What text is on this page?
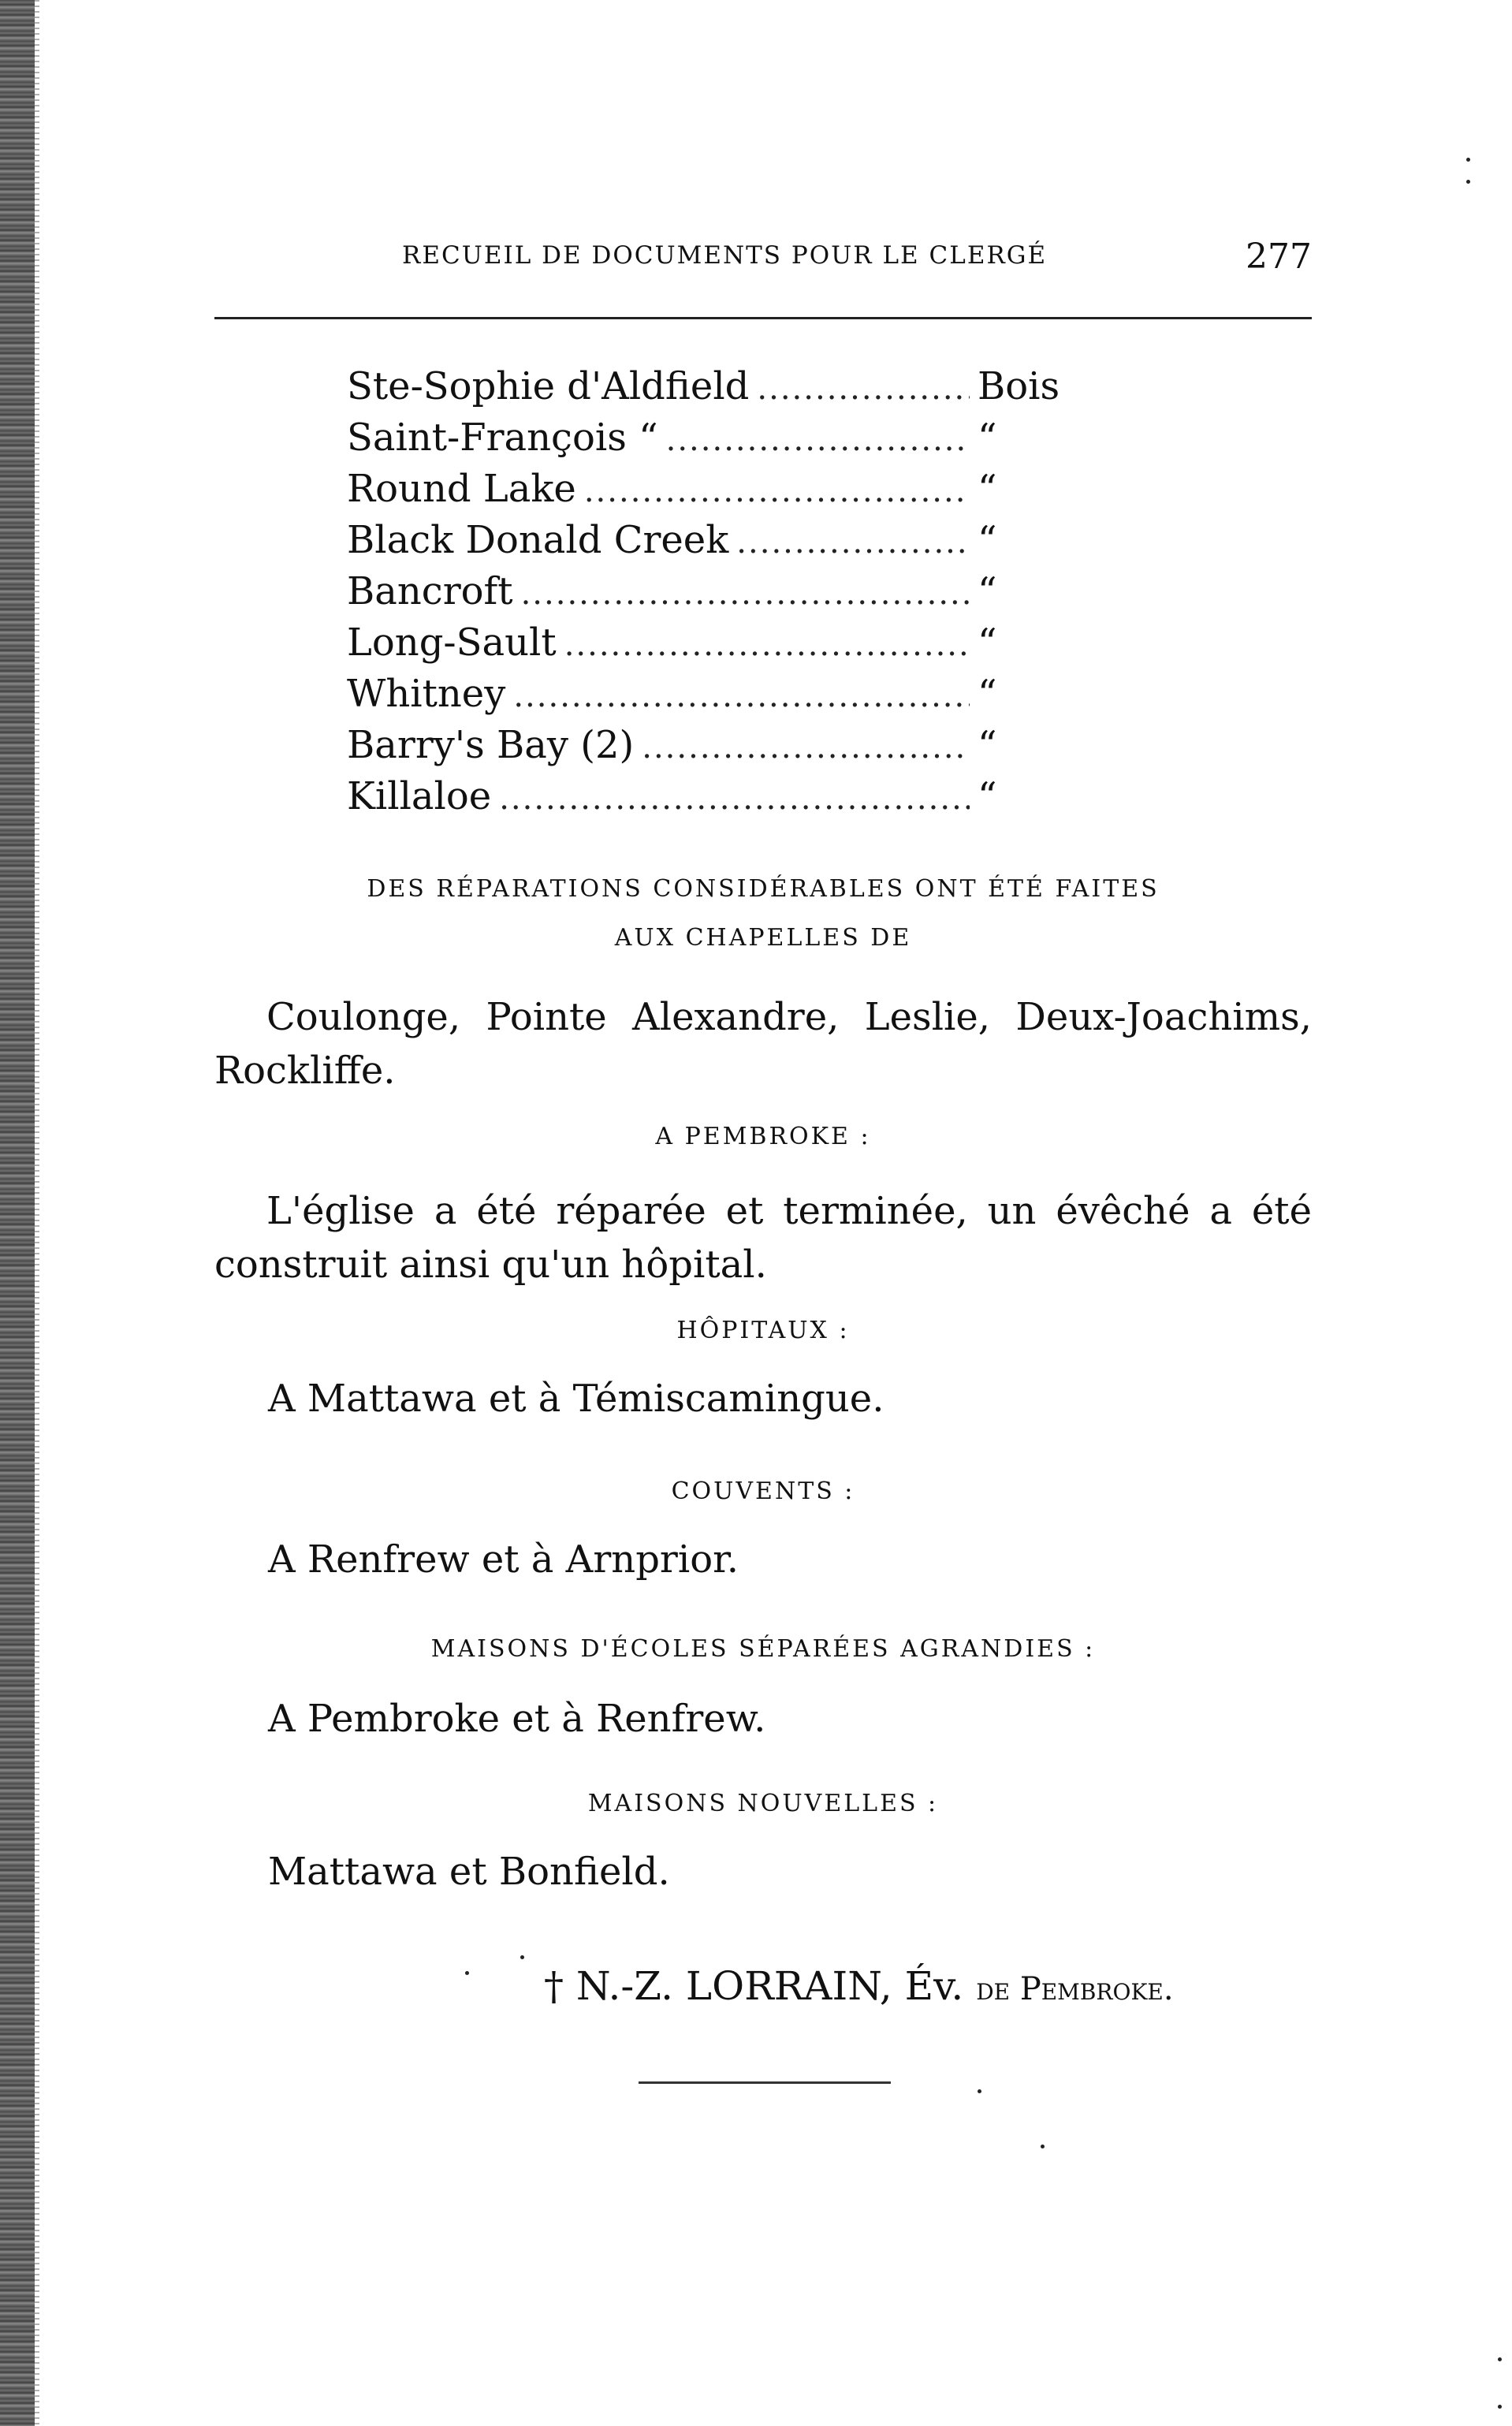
RECUEIL DE DOCUMENTS POUR LE CLERGÉ	277
Ste-Sophie d'Aldfield .....	Bois
Saint-François “ .....	“
Round Lake .....	“
Black Donald Creek .....	“
Bancroft .....	“
Long-Sault .....	“
Whitney .....	“
Barry's Bay (2) .....	“
Killaloe .....	“
DES RÉPARATIONS CONSIDÉRABLES ONT ÉTÉ FAITES
AUX CHAPELLES DE
Coulonge, Pointe Alexandre, Leslie, Deux-Joachims, Rockliffe.
A PEMBROKE :
L'église a été réparée et terminée, un évêché a été construit ainsi qu'un hôpital.
HÔPITAUX :
A Mattawa et à Témiscamingue.
COUVENTS :
A Renfrew et à Arnprior.
MAISONS D'ÉCOLES SÉPARÉES AGRANDIES :
A Pembroke et à Renfrew.
MAISONS NOUVELLES :
Mattawa et Bonfield.
† N.-Z. LORRAIN, Év. de Pembroke.
